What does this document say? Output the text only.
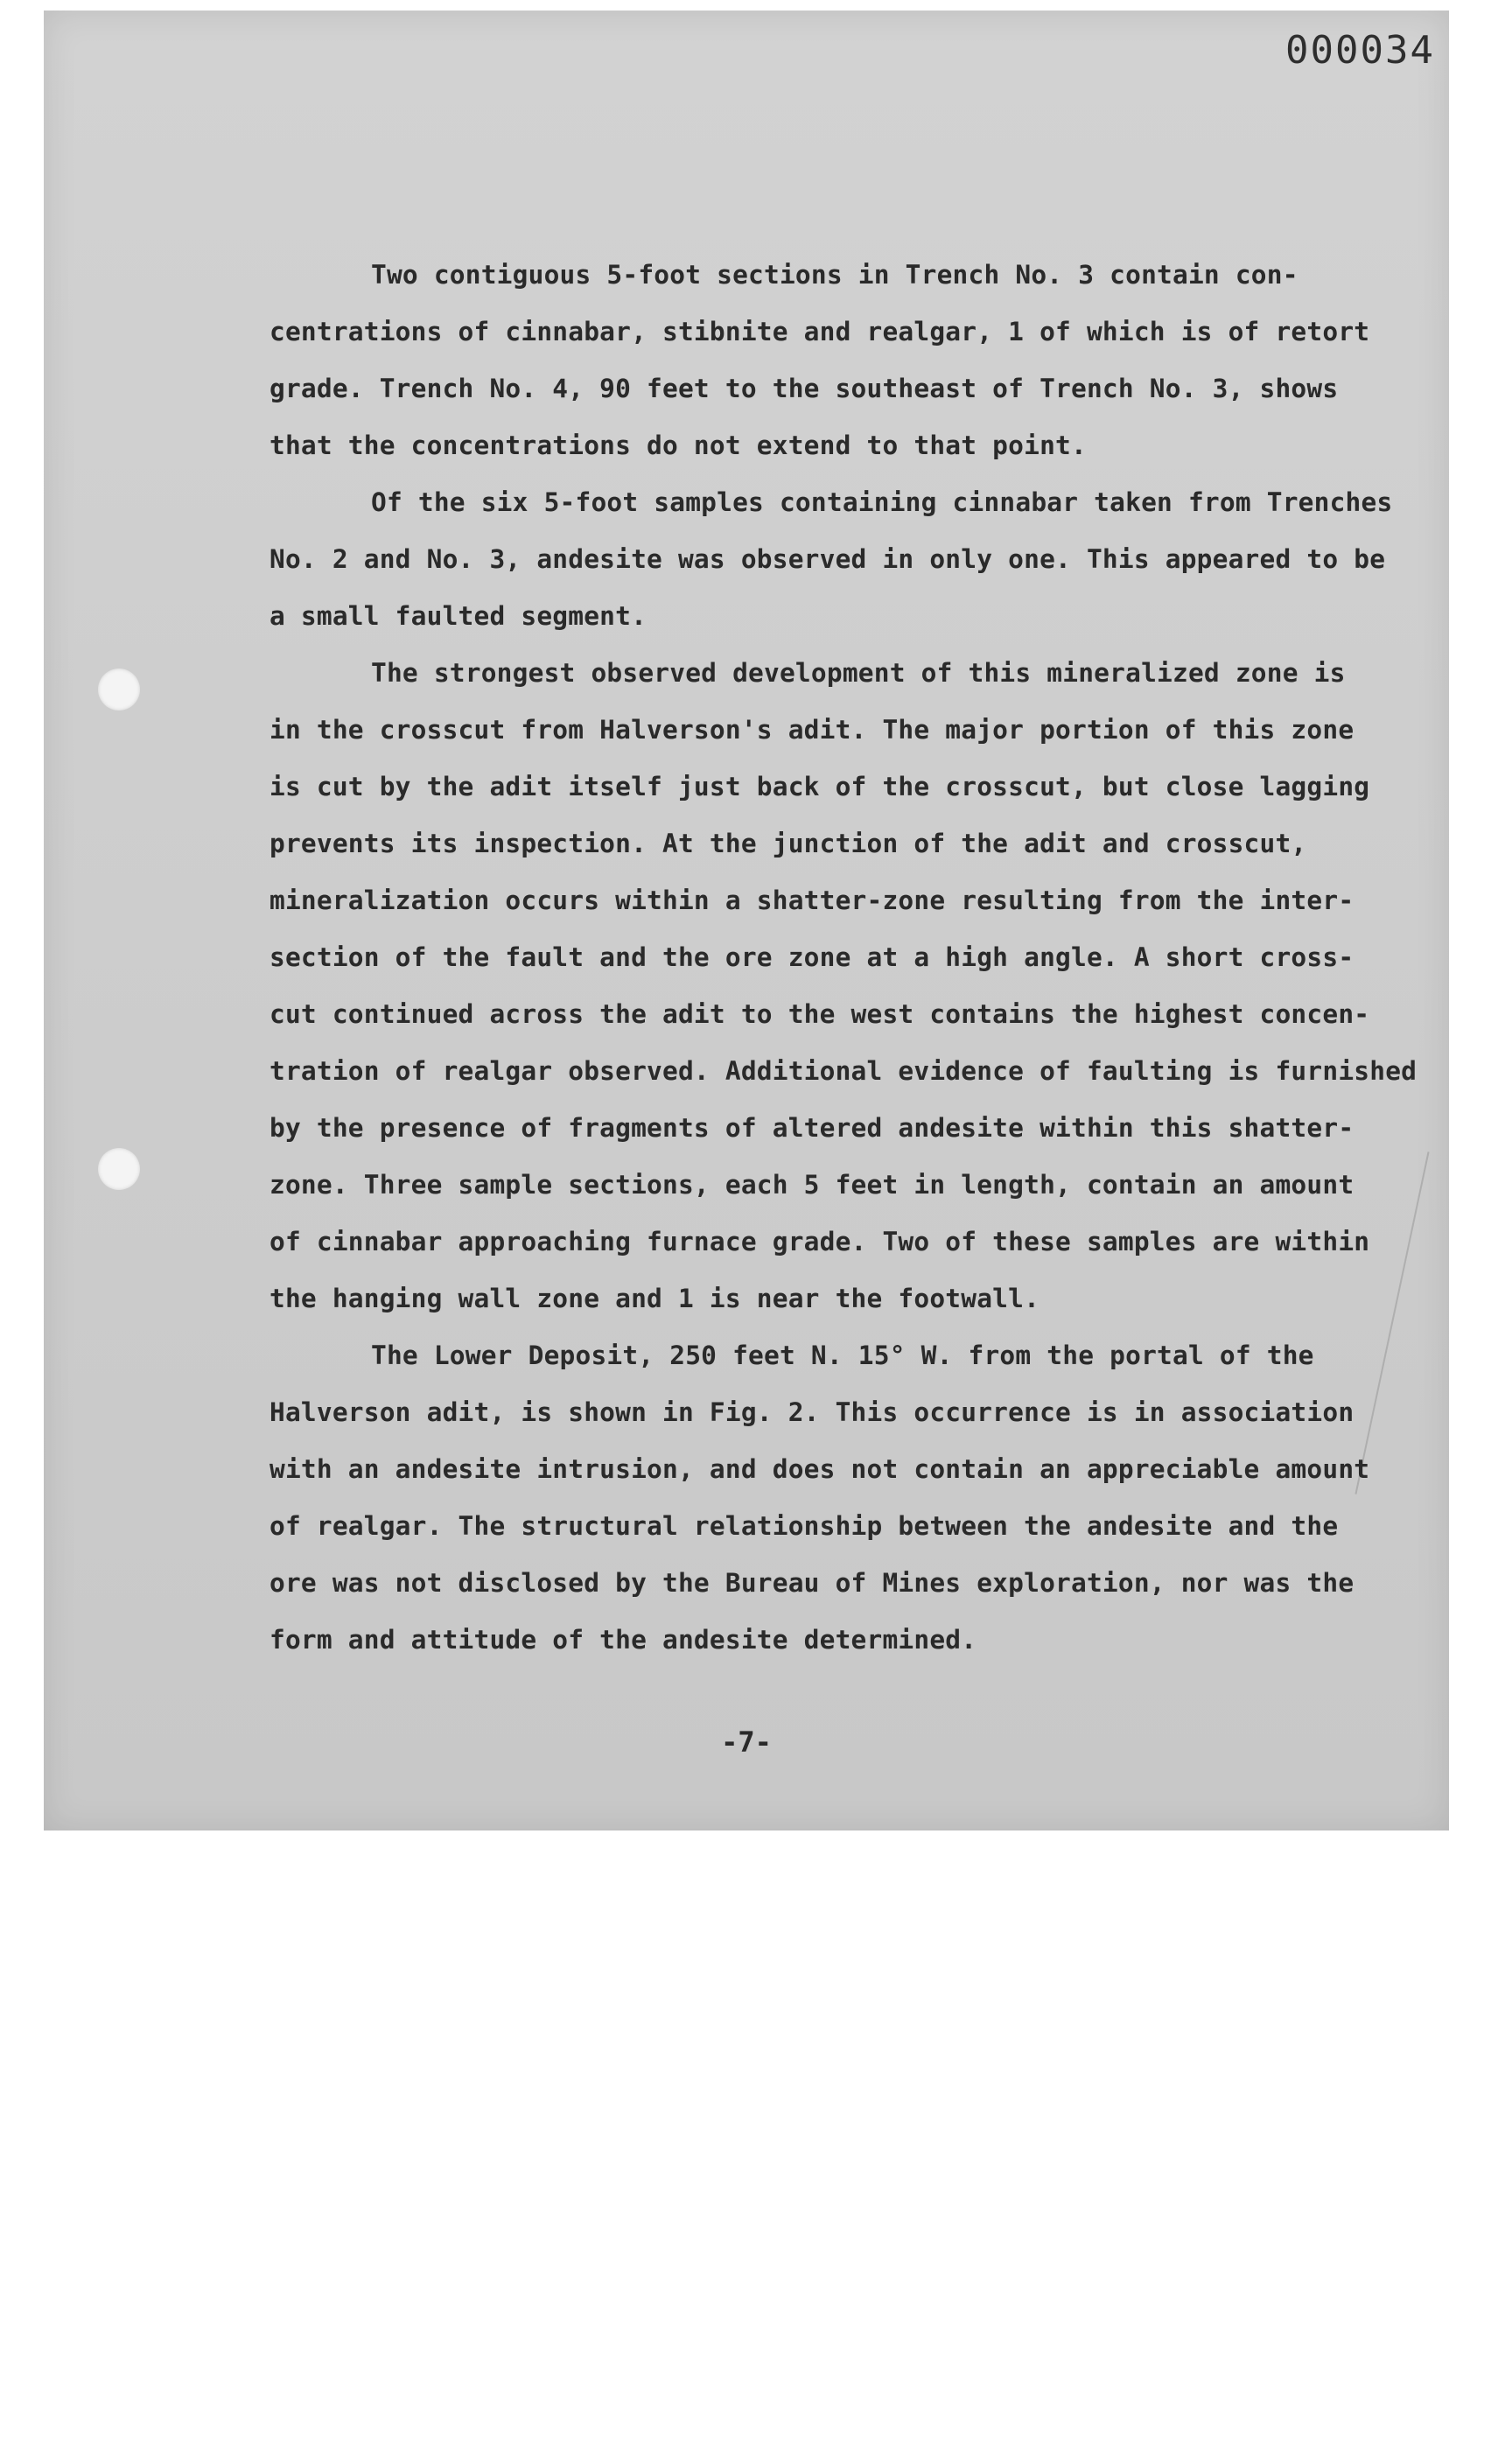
000034
Two contiguous 5-foot sections in Trench No. 3 contain con-
centrations of cinnabar, stibnite and realgar, 1 of which is of retort
grade. Trench No. 4, 90 feet to the southeast of Trench No. 3, shows
that the concentrations do not extend to that point.
Of the six 5-foot samples containing cinnabar taken from Trenches
No. 2 and No. 3, andesite was observed in only one. This appeared to be
a small faulted segment.
The strongest observed development of this mineralized zone is
in the crosscut from Halverson's adit. The major portion of this zone
is cut by the adit itself just back of the crosscut, but close lagging
prevents its inspection. At the junction of the adit and crosscut,
mineralization occurs within a shatter-zone resulting from the inter-
section of the fault and the ore zone at a high angle. A short cross-
cut continued across the adit to the west contains the highest concen-
tration of realgar observed. Additional evidence of faulting is furnished
by the presence of fragments of altered andesite within this shatter-
zone. Three sample sections, each 5 feet in length, contain an amount
of cinnabar approaching furnace grade. Two of these samples are within
the hanging wall zone and 1 is near the footwall.
The Lower Deposit, 250 feet N. 15° W. from the portal of the
Halverson adit, is shown in Fig. 2. This occurrence is in association
with an andesite intrusion, and does not contain an appreciable amount
of realgar. The structural relationship between the andesite and the
ore was not disclosed by the Bureau of Mines exploration, nor was the
form and attitude of the andesite determined.
-7-
